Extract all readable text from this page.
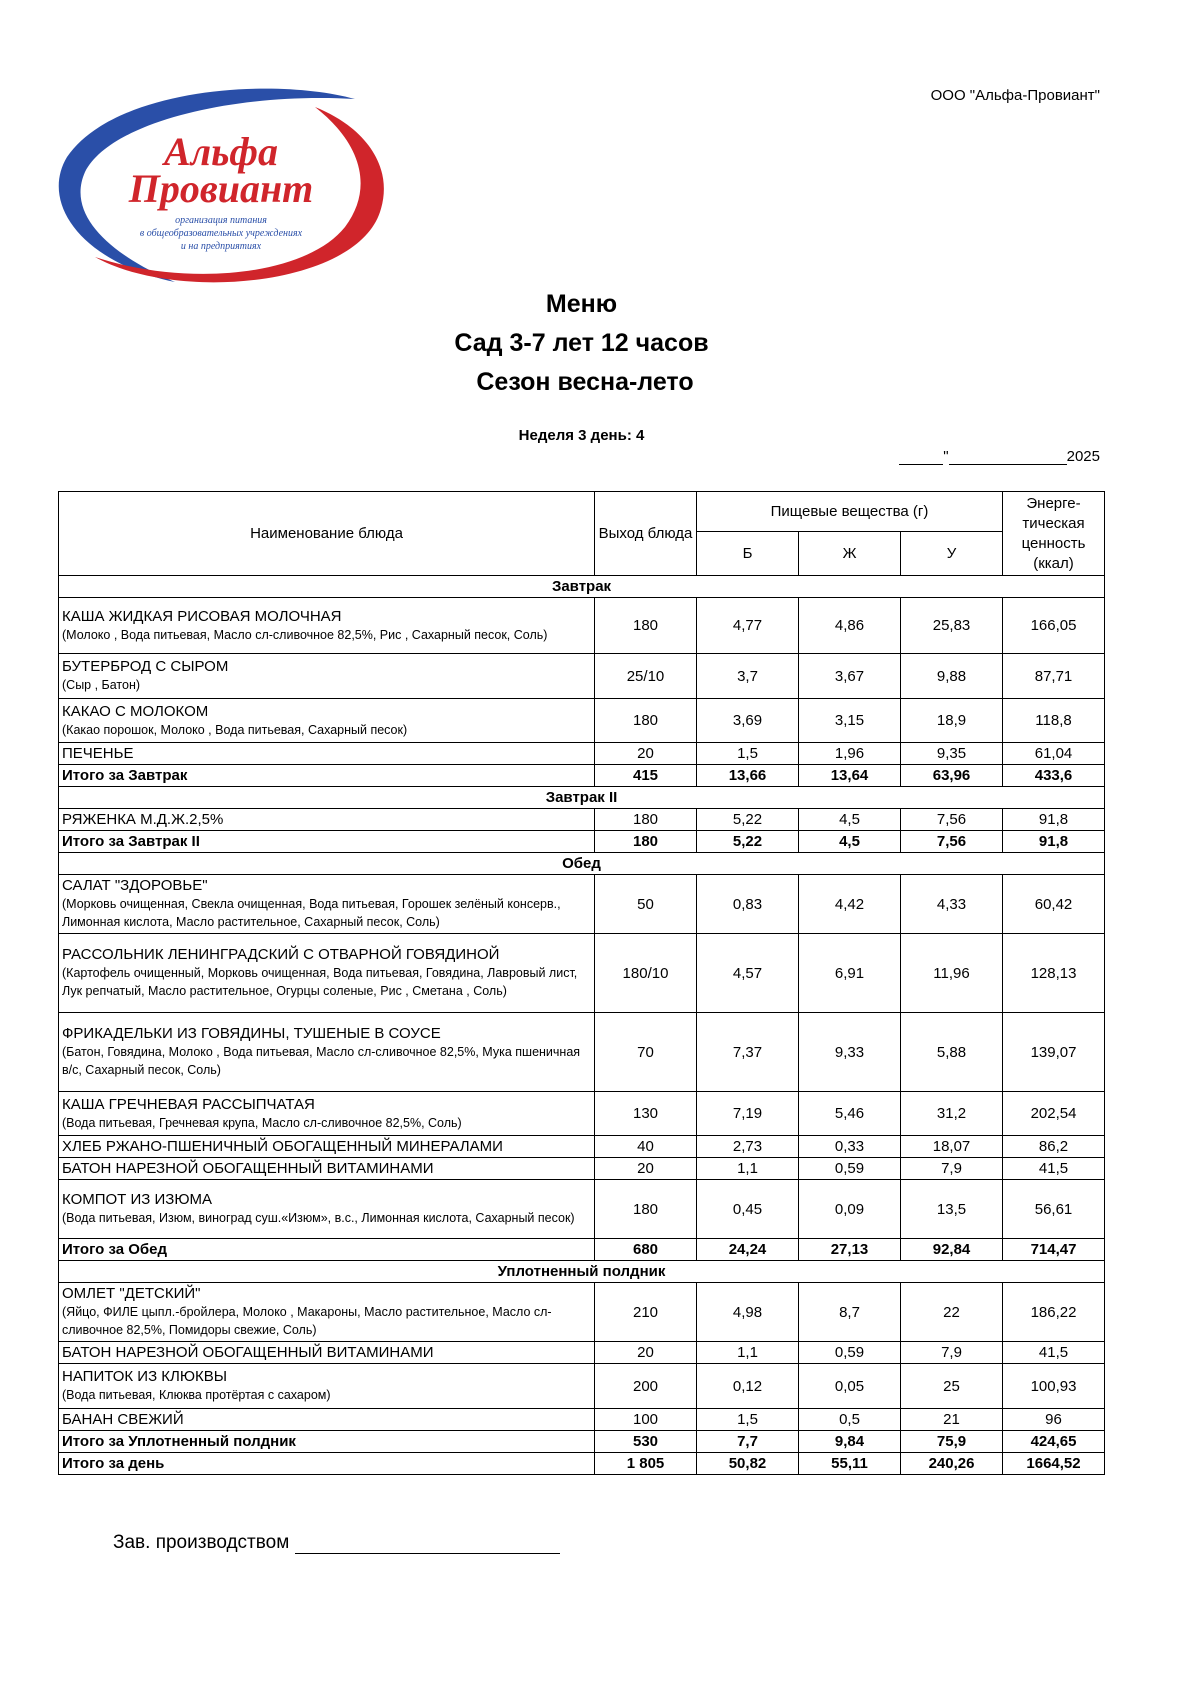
ООО "Альфа-Провиант"
Альфа
Провиант
организация питания
в общеобразовательных учреждениях
и на предприятиях
Меню
Сад 3-7 лет 12 часов
Сезон весна-лето
Неделя 3 день: 4
"	2025
Наименование блюда	Выход блюда	Пищевые вещества (г)			Энерге-тическая ценность (ккал)
		Б	Ж	У	
Завтрак					

КАША ЖИДКАЯ РИСОВАЯ МОЛОЧНАЯ
(Молоко , Вода питьевая, Масло сл-сливочное 82,5%, Рис , Сахарный песок, Соль)	180	4,77	4,86	25,83	166,05

БУТЕРБРОД С СЫРОМ
(Сыр , Батон)	25/10	3,7	3,67	9,88	87,71

КАКАО С МОЛОКОМ
(Какао порошок, Молоко , Вода питьевая, Сахарный песок)	180	3,69	3,15	18,9	118,8

ПЕЧЕНЬЕ	20	1,5	1,96	9,35	61,04

Итого за Завтрак	415	13,66	13,64	63,96	433,6
Завтрак II					

РЯЖЕНКА М.Д.Ж.2,5%	180	5,22	4,5	7,56	91,8

Итого за Завтрак II	180	5,22	4,5	7,56	91,8
Обед					

САЛАТ "ЗДОРОВЬЕ"
(Морковь очищенная, Свекла очищенная, Вода питьевая, Горошек зелёный консерв., Лимонная кислота, Масло растительное, Сахарный песок, Соль)	50	0,83	4,42	4,33	60,42

РАССОЛЬНИК ЛЕНИНГРАДСКИЙ С ОТВАРНОЙ ГОВЯДИНОЙ
(Картофель очищенный, Морковь очищенная, Вода питьевая, Говядина, Лавровый лист, Лук репчатый, Масло растительное, Огурцы соленые, Рис , Сметана , Соль)	180/10	4,57	6,91	11,96	128,13

ФРИКАДЕЛЬКИ ИЗ ГОВЯДИНЫ, ТУШЕНЫЕ В СОУСЕ
(Батон, Говядина, Молоко , Вода питьевая, Масло сл-сливочное 82,5%, Мука пшеничная в/с, Сахарный песок, Соль)	70	7,37	9,33	5,88	139,07

КАША ГРЕЧНЕВАЯ РАССЫПЧАТАЯ
(Вода питьевая, Гречневая крупа, Масло сл-сливочное 82,5%, Соль)	130	7,19	5,46	31,2	202,54

ХЛЕБ РЖАНО-ПШЕНИЧНЫЙ ОБОГАЩЕННЫЙ МИНЕРАЛАМИ	40	2,73	0,33	18,07	86,2

БАТОН НАРЕЗНОЙ ОБОГАЩЕННЫЙ ВИТАМИНАМИ	20	1,1	0,59	7,9	41,5

КОМПОТ ИЗ ИЗЮМА
(Вода питьевая, Изюм, виноград суш.«Изюм», в.с., Лимонная кислота, Сахарный песок)	180	0,45	0,09	13,5	56,61

Итого за Обед	680	24,24	27,13	92,84	714,47
Уплотненный полдник					

ОМЛЕТ "ДЕТСКИЙ"
(Яйцо, ФИЛЕ цыпл.-бройлера, Молоко , Макароны, Масло растительное, Масло сл-сливочное 82,5%, Помидоры свежие, Соль)	210	4,98	8,7	22	186,22

БАТОН НАРЕЗНОЙ ОБОГАЩЕННЫЙ ВИТАМИНАМИ	20	1,1	0,59	7,9	41,5

НАПИТОК ИЗ КЛЮКВЫ
(Вода питьевая, Клюква протёртая с сахаром)	200	0,12	0,05	25	100,93

БАНАН СВЕЖИЙ	100	1,5	0,5	21	96

Итого за Уплотненный полдник	530	7,7	9,84	75,9	424,65

Итого за день	1 805	50,82	55,11	240,26	1664,52
Зав. производством
